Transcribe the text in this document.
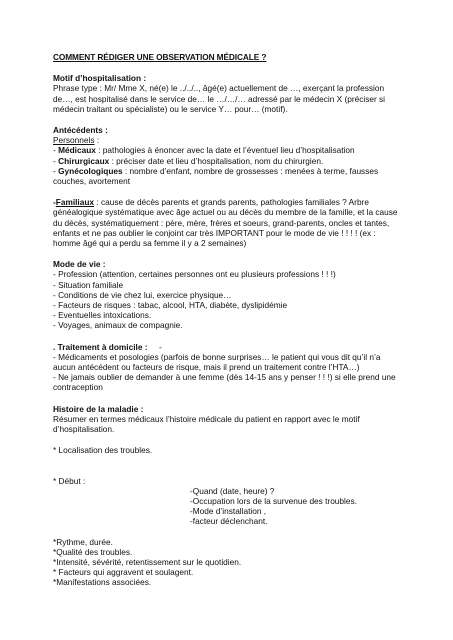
COMMENT RÉDIGER UNE OBSERVATION MÉDICALE ?

Motif d’hospitalisation :

Phrase type : Mr/ Mme X, né(e) le ../../.., âgé(e) actuellement de …, exerçant la profession de…, est hospitalisé dans le service de… le …/…/… adressé par le médecin X (préciser si médecin traitant ou spécialiste) ou le service Y… pour… (motif).

Antécédents :

Personnels :

- Médicaux : pathologies à énoncer avec la date et l’éventuel lieu d’hospitalisation

- Chirurgicaux : préciser date et lieu d’hospitalisation, nom du chirurgien.

- Gynécologiques : nombre d’enfant, nombre de grossesses : menées à terme, fausses couches, avortement

-Familiaux : cause de décès parents et grands parents, pathologies familiales ? Arbre généalogique systématique avec âge actuel ou au décès du membre de la famille, et la cause du décès, systématiquement : père, mère, frères et soeurs, grand-parents, oncles et tantes, enfants et ne pas oublier le conjoint car très IMPORTANT pour le mode de vie ! ! ! ! (ex : homme âgé qui a perdu sa femme il y a 2 semaines)

Mode de vie :

- Profession (attention, certaines personnes ont eu plusieurs professions ! ! !)

- Situation familiale

- Conditions de vie chez lui, exercice physique…

- Facteurs de risques : tabac, alcool, HTA, diabète, dyslipidémie

- Eventuelles intoxications.

- Voyages, animaux de compagnie.

. Traitement à domicile :     -

- Médicaments et posologies (parfois de bonne surprises… le patient qui vous dit qu’il n’a aucun antécédent ou facteurs de risque, mais il prend un traitement contre l’HTA…)

- Ne jamais oublier de demander à une femme (dès 14-15 ans y penser ! ! !) si elle prend une contraception

Histoire de la maladie :

Résumer en termes médicaux l’histoire médicale du patient en rapport avec le motif d’hospitalisation.

* Localisation des troubles.

* Début :

-Quand (date, heure) ?

-Occupation lors de la survenue des troubles.

-Mode d’installation ,

-facteur déclenchant.

*Rythme, durée.

*Qualité des troubles.

*Intensité, sévérité, retentissement sur le quotidien.

* Facteurs qui aggravent et soulagent.

*Manifestations associées.
